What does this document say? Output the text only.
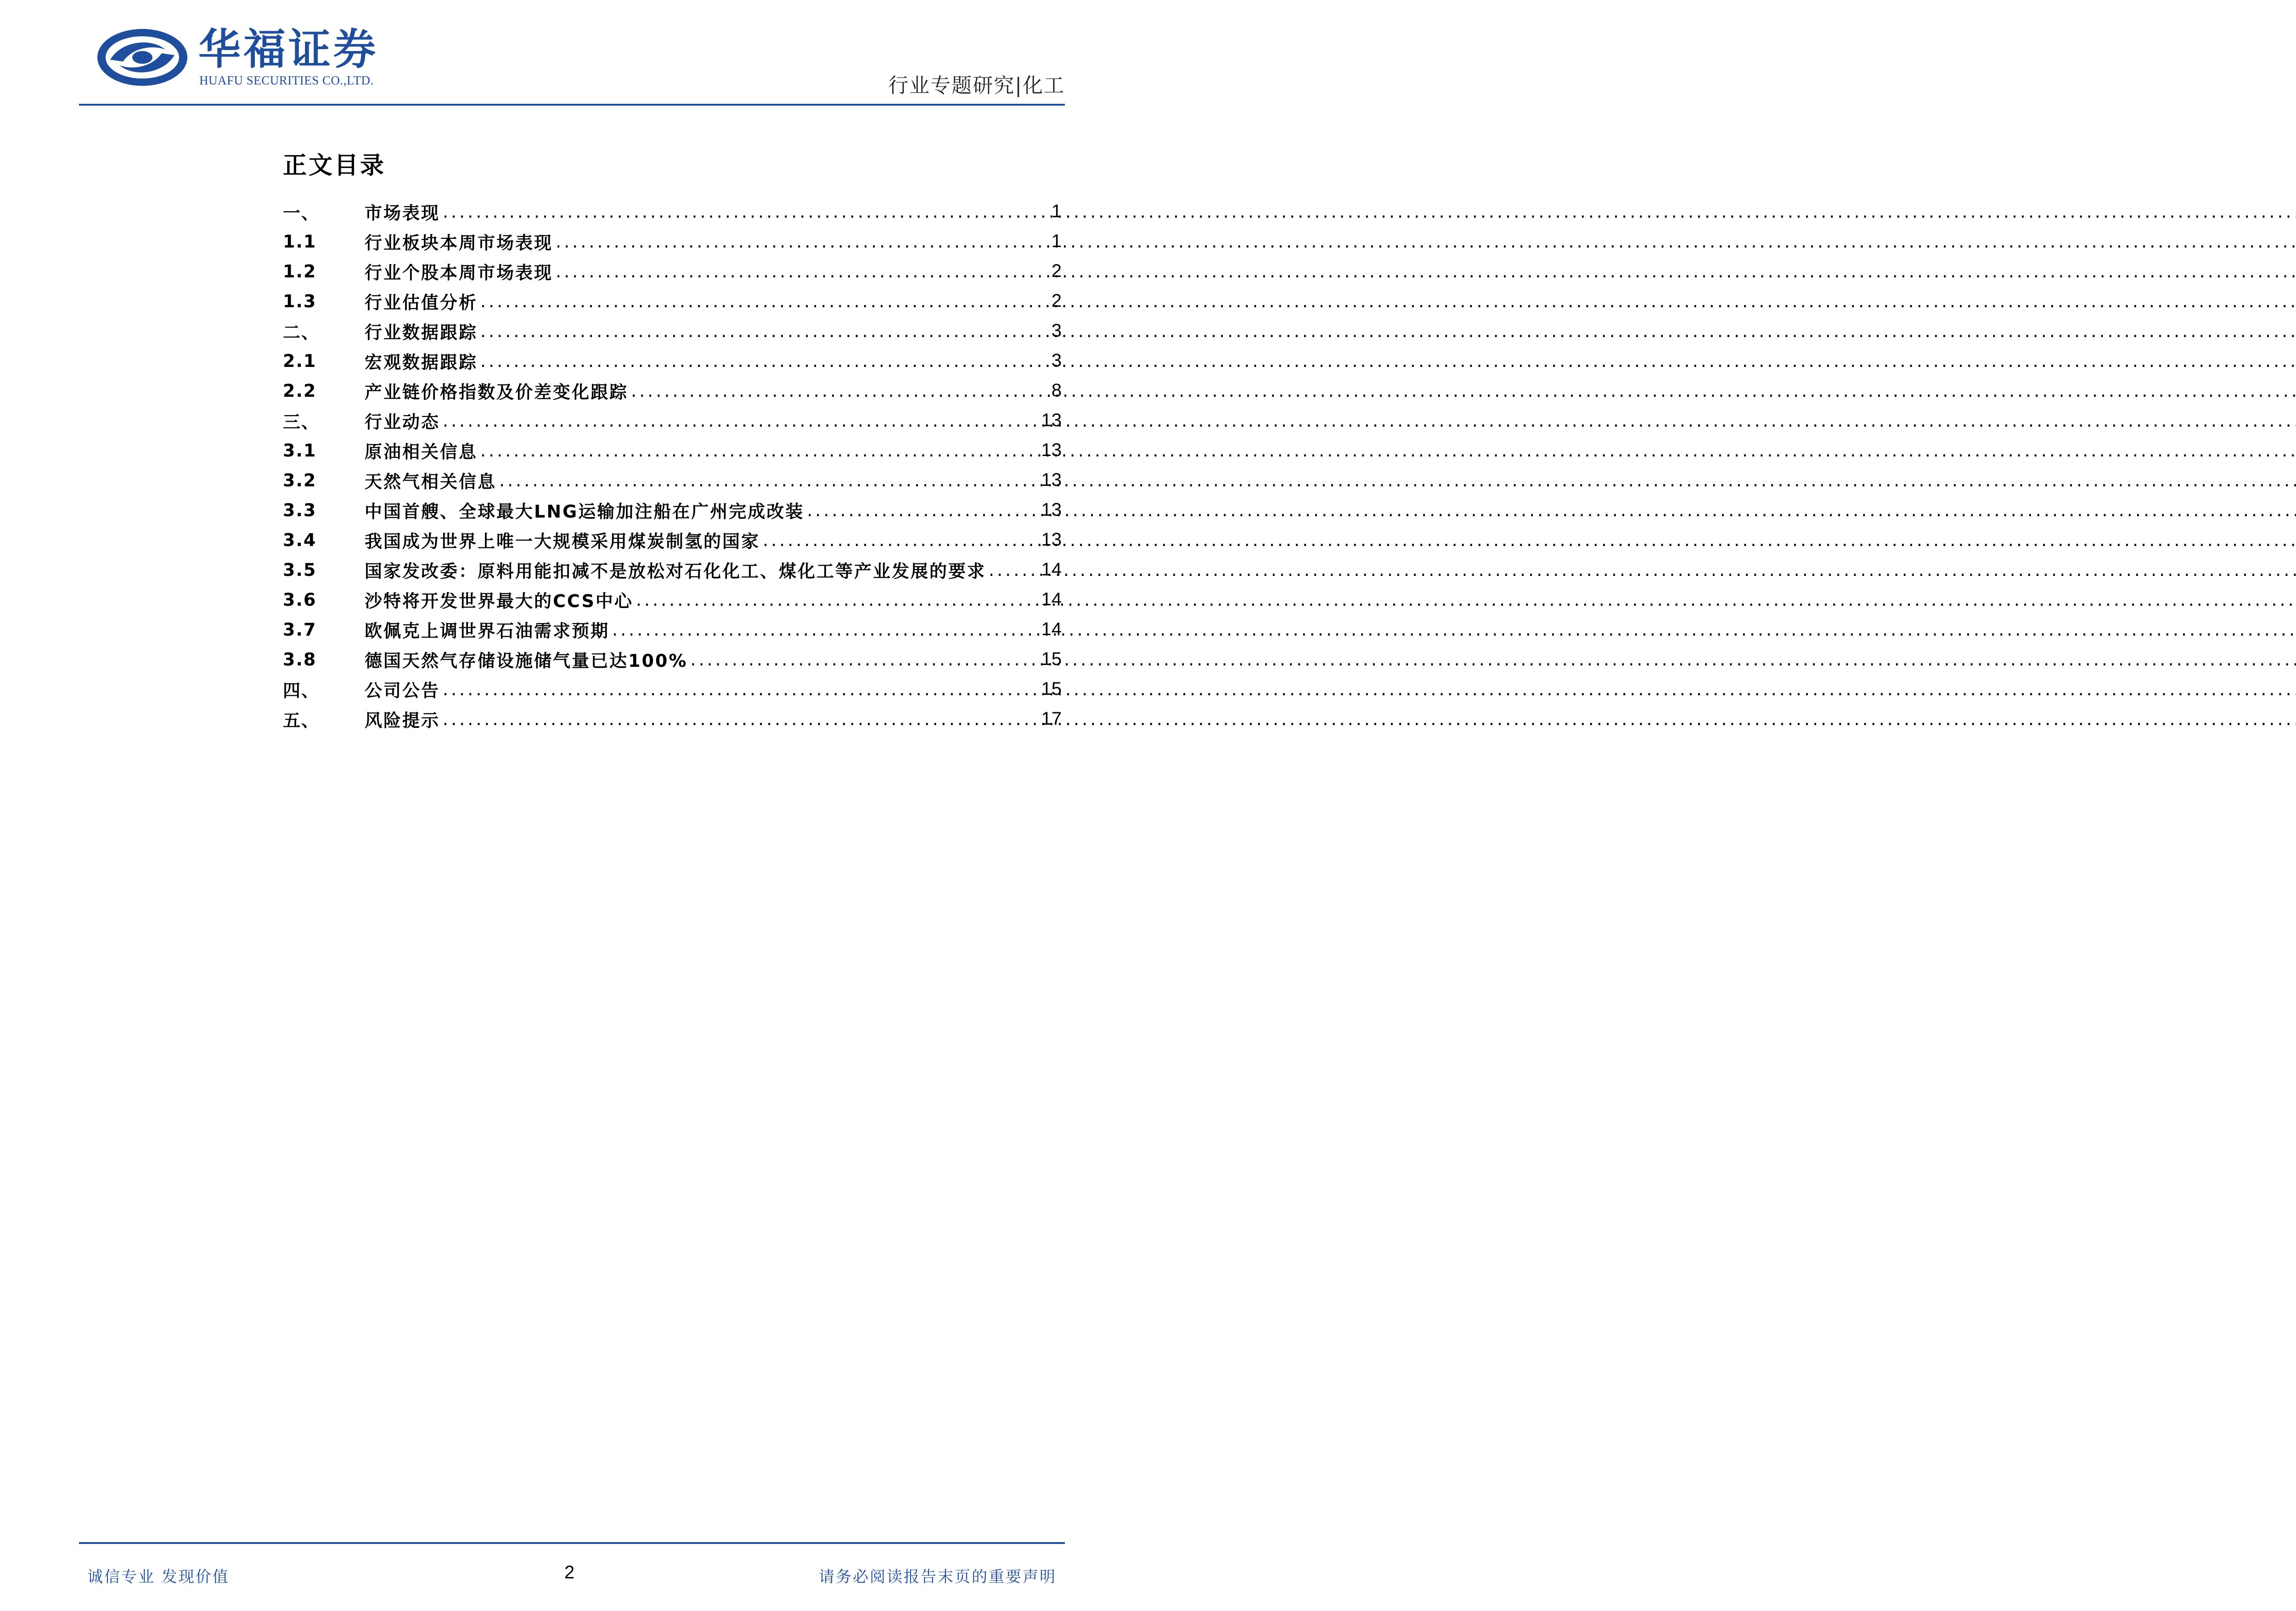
华福证券
HUAFU SECURITIES CO.,LTD.	行业专题研究|化工
正文目录
一、	市场表现 .....	1
1.1	行业板块本周市场表现 .....	1
1.2	行业个股本周市场表现 .....	2
1.3	行业估值分析 .....	2
二、	行业数据跟踪 .....	3
2.1	宏观数据跟踪 .....	3
2.2	产业链价格指数及价差变化跟踪 .....	8
三、	行业动态 .....	13
3.1	原油相关信息 .....	13
3.2	天然气相关信息 .....	13
3.3	中国首艘、全球最大LNG运输加注船在广州完成改装 .....	13
3.4	我国成为世界上唯一大规模采用煤炭制氢的国家 .....	13
3.5	国家发改委：原料用能扣减不是放松对石化化工、煤化工等产业发展的要求 .....	14
3.6	沙特将开发世界最大的CCS中心 .....	14
3.7	欧佩克上调世界石油需求预期 .....	14
3.8	德国天然气存储设施储气量已达100% .....	15
四、	公司公告 .....	15
五、	风险提示 .....	17
诚信专业 发现价值	2	请务必阅读报告末页的重要声明
